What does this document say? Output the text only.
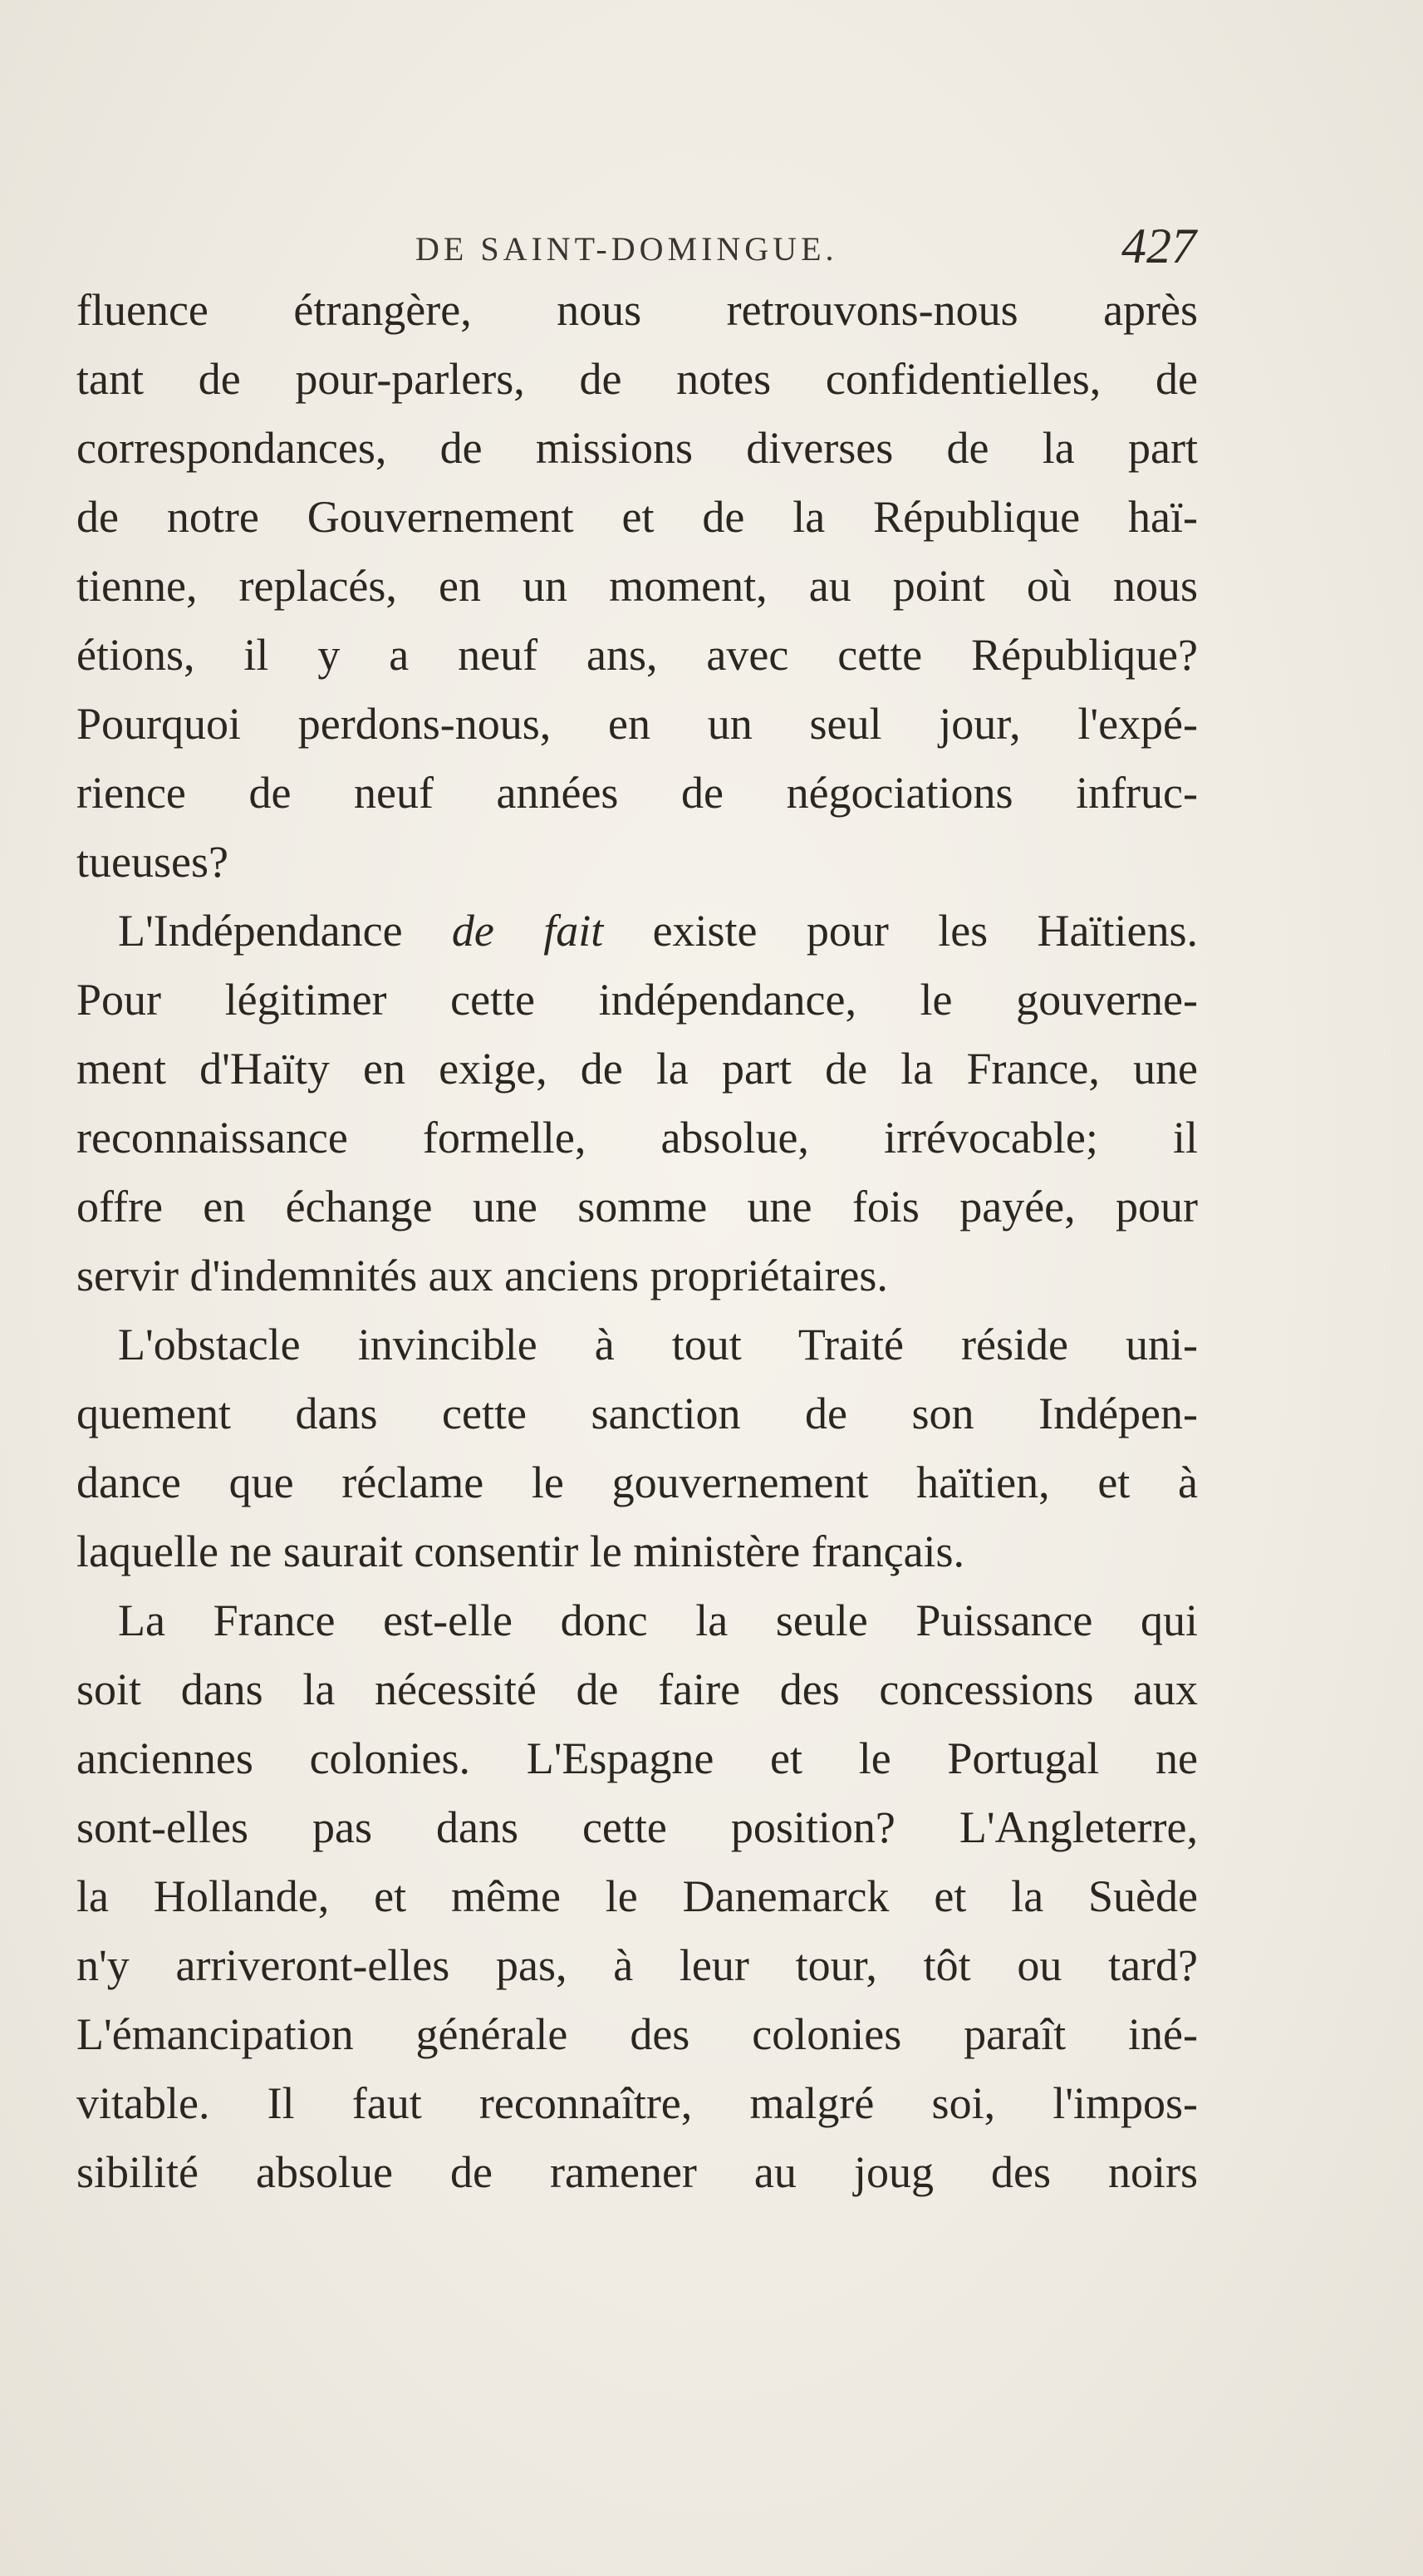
DE SAINT-DOMINGUE.	427
fluence étrangère, nous retrouvons-nous après
tant de pour-parlers, de notes confidentielles, de
correspondances, de missions diverses de la part
de notre Gouvernement et de la République haï-
tienne, replacés, en un moment, au point où nous
étions, il y a neuf ans, avec cette République?
Pourquoi perdons-nous, en un seul jour, l'expé-
rience de neuf années de négociations infruc-
tueuses?
L'Indépendance de fait existe pour les Haïtiens.
Pour légitimer cette indépendance, le gouverne-
ment d'Haïty en exige, de la part de la France, une
reconnaissance formelle, absolue, irrévocable; il
offre en échange une somme une fois payée, pour
servir d'indemnités aux anciens propriétaires.
L'obstacle invincible à tout Traité réside uni-
quement dans cette sanction de son Indépen-
dance que réclame le gouvernement haïtien, et à
laquelle ne saurait consentir le ministère français.
La France est-elle donc la seule Puissance qui
soit dans la nécessité de faire des concessions aux
anciennes colonies. L'Espagne et le Portugal ne
sont-elles pas dans cette position? L'Angleterre,
la Hollande, et même le Danemarck et la Suède
n'y arriveront-elles pas, à leur tour, tôt ou tard?
L'émancipation générale des colonies paraît iné-
vitable. Il faut reconnaître, malgré soi, l'impos-
sibilité absolue de ramener au joug des noirs
